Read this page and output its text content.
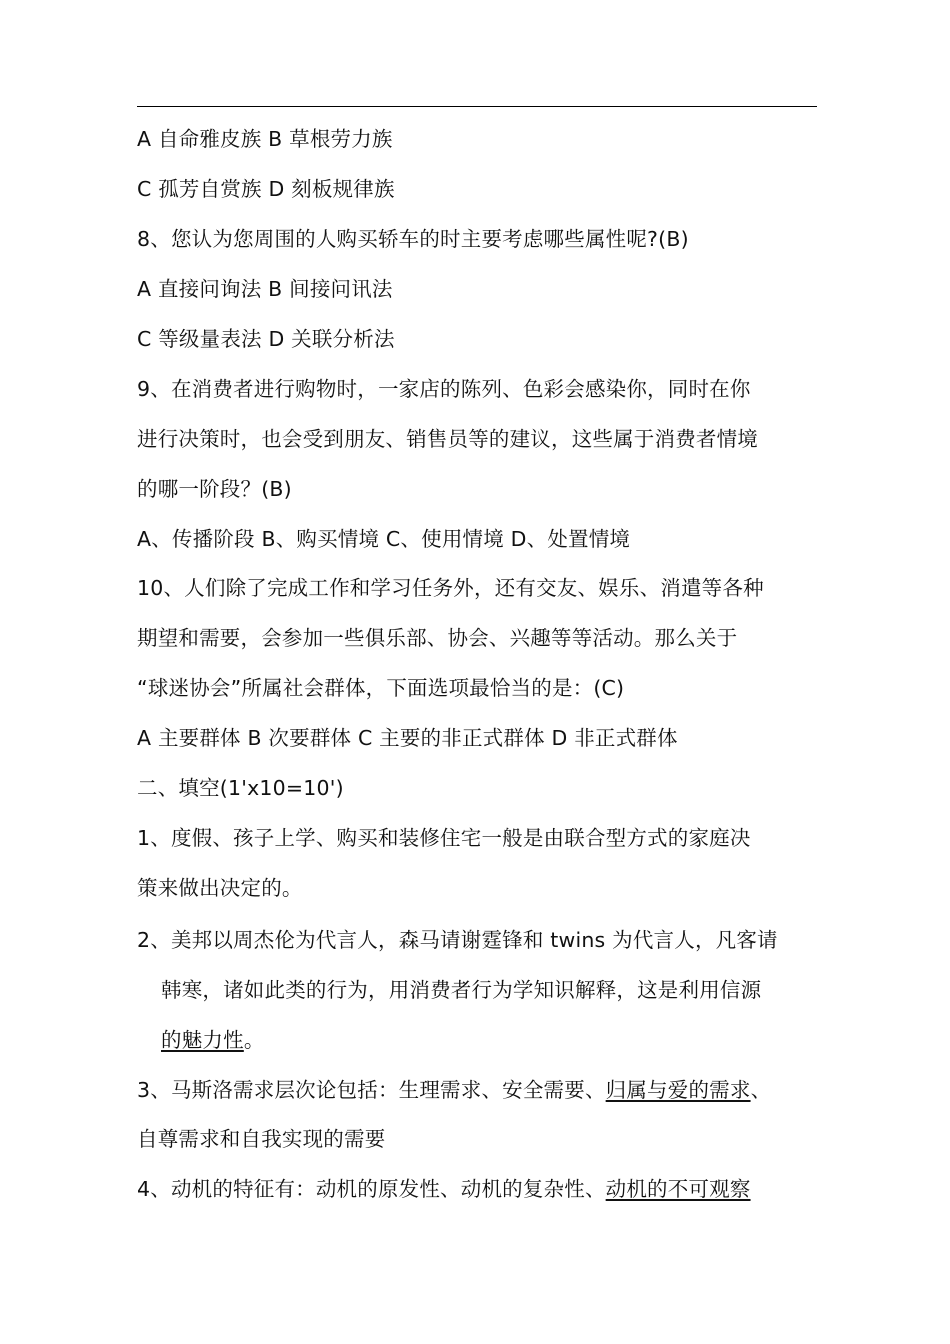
A 自命雅皮族 B 草根劳力族
C 孤芳自赏族 D 刻板规律族
8、您认为您周围的人购买轿车的时主要考虑哪些属性呢?(B)
A 直接问询法 B 间接问讯法
C 等级量表法 D 关联分析法
9、在消费者进行购物时，一家店的陈列、色彩会感染你，同时在你
进行决策时，也会受到朋友、销售员等的建议，这些属于消费者情境
的哪一阶段？(B)
A、传播阶段 B、购买情境 C、使用情境 D、处置情境
10、人们除了完成工作和学习任务外，还有交友、娱乐、消遣等各种
期望和需要，会参加一些俱乐部、协会、兴趣等等活动。那么关于
“球迷协会”所属社会群体，下面选项最恰当的是：(C)
A 主要群体 B 次要群体 C 主要的非正式群体 D 非正式群体
二、填空(1'x10=10')
1、度假、孩子上学、购买和装修住宅一般是由联合型方式的家庭决
策来做出决定的。
2、美邦以周杰伦为代言人，森马请谢霆锋和 twins 为代言人，凡客请
韩寒，诸如此类的行为，用消费者行为学知识解释，这是利用信源
的魅力性。
3、马斯洛需求层次论包括：生理需求、安全需要、归属与爱的需求、
自尊需求和自我实现的需要
4、动机的特征有：动机的原发性、动机的复杂性、动机的不可观察
